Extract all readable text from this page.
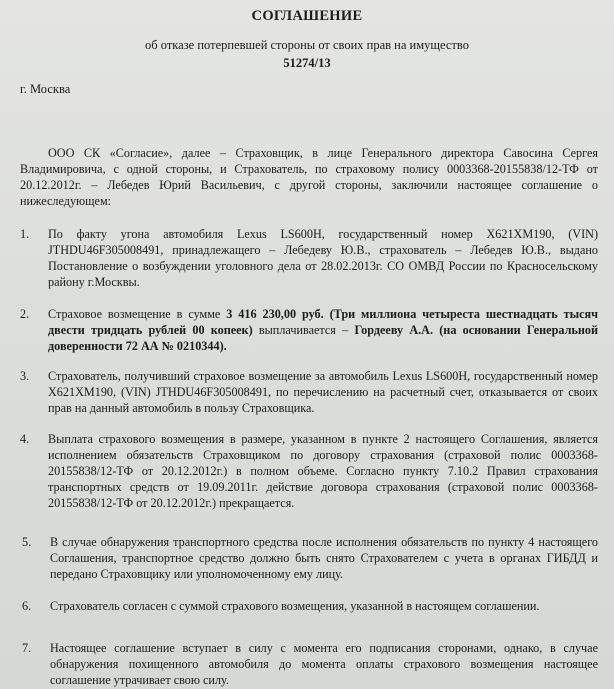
СОГЛАШЕНИЕ
об отказе потерпевшей стороны от своих прав на имущество
51274/13
г. Москва
ООО СК «Согласие», далее – Страховщик, в лице Генерального директора Савосина Сергея Владимировича, с одной стороны, и Страхователь, по страховому полису 0003368-20155838/12-ТФ от 20.12.2012г. – Лебедев Юрий Васильевич, с другой стороны, заключили настоящее соглашение о нижеследующем:
1. По факту угона автомобиля Lexus LS600H, государственный номер X621XM190, (VIN) JTHDU46F305008491, принадлежащего – Лебедеву Ю.В., страхователь – Лебедев Ю.В., выдано Постановление о возбуждении уголовного дела от 28.02.2013г. СО ОМВД России по Красносельскому району г.Москвы.
2. Страховое возмещение в сумме 3 416 230,00 руб. (Три миллиона четыреста шестнадцать тысяч двести тридцать рублей 00 копеек) выплачивается – Гордееву А.А. (на основании Генеральной доверенности 72 АА № 0210344).
3. Страхователь, получивший страховое возмещение за автомобиль Lexus LS600H, государственный номер X621XM190, (VIN) JTHDU46F305008491, по перечислению на расчетный счет, отказывается от своих прав на данный автомобиль в пользу Страховщика.
4. Выплата страхового возмещения в размере, указанном в пункте 2 настоящего Соглашения, является исполнением обязательств Страховщиком по договору страхования (страховой полис 0003368-20155838/12-ТФ от 20.12.2012г.) в полном объеме. Согласно пункту 7.10.2 Правил страхования транспортных средств от 19.09.2011г. действие договора страхования (страховой полис 0003368-20155838/12-ТФ от 20.12.2012г.) прекращается.
5. В случае обнаружения транспортного средства после исполнения обязательств по пункту 4 настоящего Соглашения, транспортное средство должно быть снято Страхователем с учета в органах ГИБДД и передано Страховщику или уполномоченному ему лицу.
6. Страхователь согласен с суммой страхового возмещения, указанной в настоящем соглашении.
7. Настоящее соглашение вступает в силу с момента его подписания сторонами, однако, в случае обнаружения похищенного автомобиля до момента оплаты страхового возмещения настоящее соглашение утрачивает свою силу.
